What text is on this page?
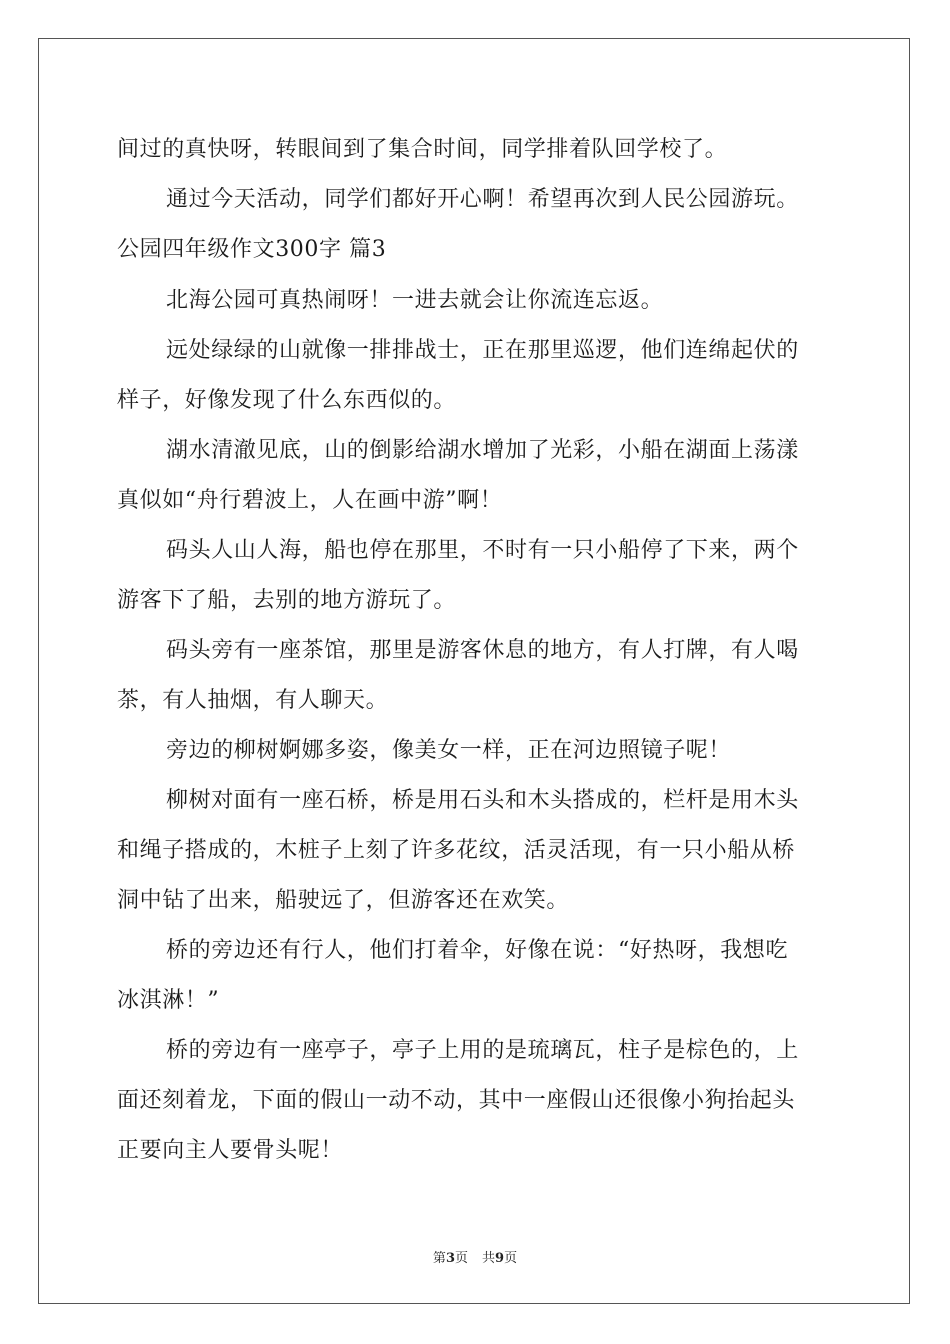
间过的真快呀，转眼间到了集合时间，同学排着队回学校了。
通过今天活动，同学们都好开心啊！希望再次到人民公园游玩。
公园四年级作文300字 篇3
北海公园可真热闹呀！一进去就会让你流连忘返。
远处绿绿的山就像一排排战士，正在那里巡逻，他们连绵起伏的
样子，好像发现了什么东西似的。
湖水清澈见底，山的倒影给湖水增加了光彩，小船在湖面上荡漾
真似如“舟行碧波上，人在画中游”啊！
码头人山人海，船也停在那里，不时有一只小船停了下来，两个
游客下了船，去别的地方游玩了。
码头旁有一座茶馆，那里是游客休息的地方，有人打牌，有人喝
茶，有人抽烟，有人聊天。
旁边的柳树婀娜多姿，像美女一样，正在河边照镜子呢！
柳树对面有一座石桥，桥是用石头和木头搭成的，栏杆是用木头
和绳子搭成的，木桩子上刻了许多花纹，活灵活现，有一只小船从桥
洞中钻了出来，船驶远了，但游客还在欢笑。
桥的旁边还有行人，他们打着伞，好像在说：“好热呀，我想吃
冰淇淋！”
桥的旁边有一座亭子，亭子上用的是琉璃瓦，柱子是棕色的，上
面还刻着龙，下面的假山一动不动，其中一座假山还很像小狗抬起头
正要向主人要骨头呢！
第3页 共9页
